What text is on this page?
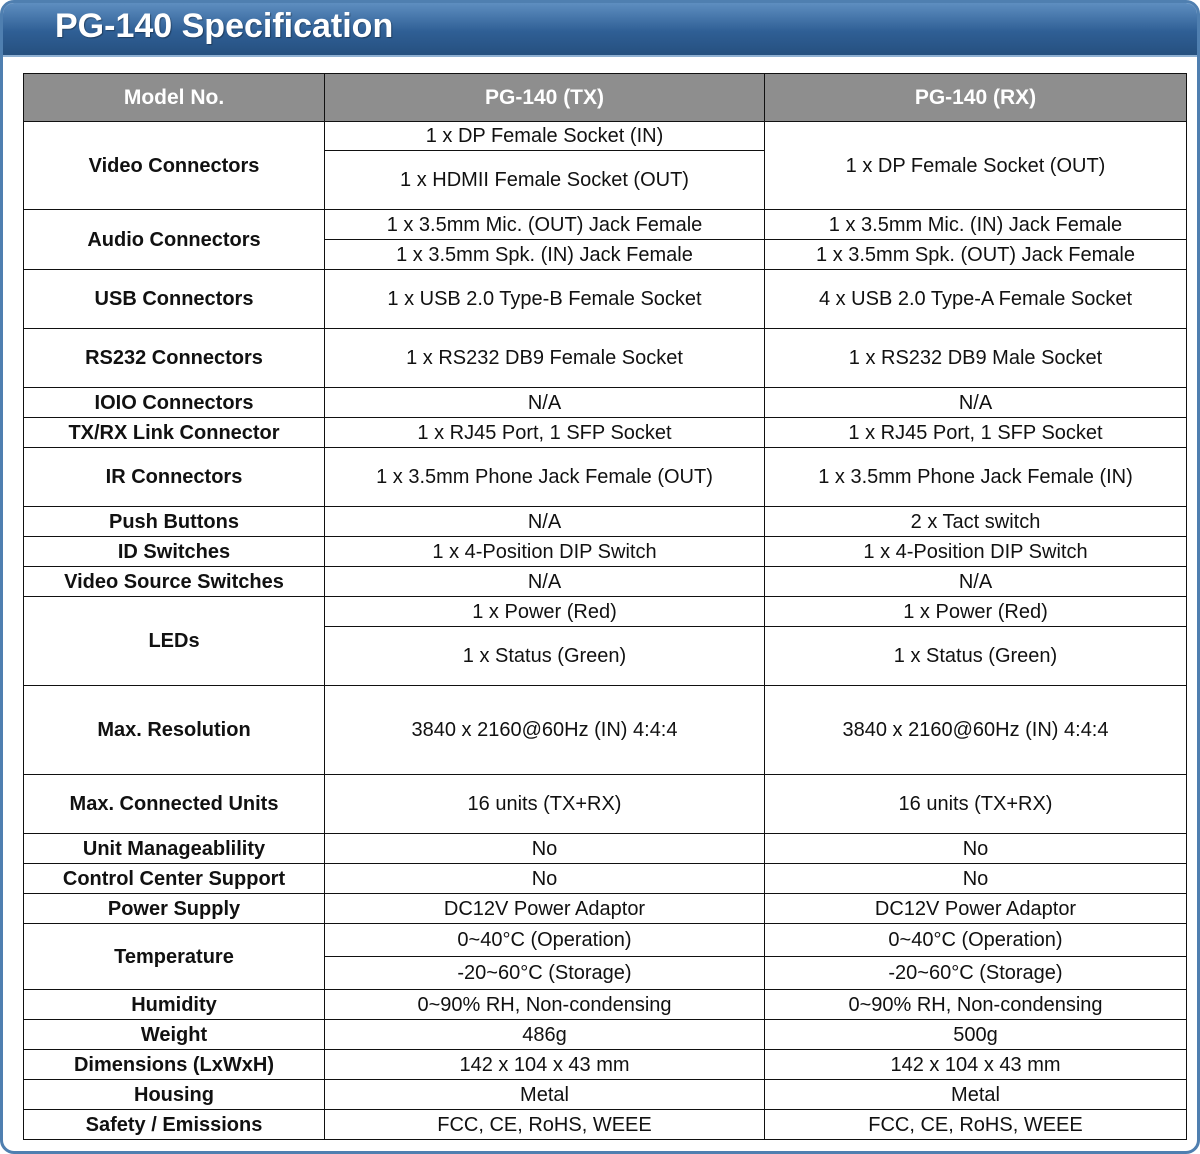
PG-140 Specification
Model No.	PG-140 (TX)	PG-140 (RX)
Video Connectors	1 x DP Female Socket (IN)	1 x DP Female Socket (OUT)
	1 x HDMII Female Socket (OUT)	
Audio Connectors	1 x 3.5mm Mic. (OUT) Jack Female	1 x 3.5mm Mic. (IN) Jack Female
	1 x 3.5mm Spk. (IN) Jack Female	1 x 3.5mm Spk. (OUT) Jack Female
USB Connectors	1 x USB 2.0 Type-B Female Socket	4 x USB 2.0 Type-A Female Socket
RS232 Connectors	1 x RS232 DB9 Female Socket	1 x RS232 DB9 Male Socket
IOIO Connectors	N/A	N/A
TX/RX Link Connector	1 x RJ45 Port, 1 SFP Socket	1 x RJ45 Port, 1 SFP Socket
IR Connectors	1 x 3.5mm Phone Jack Female (OUT)	1 x 3.5mm Phone Jack Female (IN)
Push Buttons	N/A	2 x Tact switch
ID Switches	1 x 4-Position DIP Switch	1 x 4-Position DIP Switch
Video Source Switches	N/A	N/A
LEDs	1 x Power (Red)	1 x Power (Red)
	1 x Status (Green)	1 x Status (Green)
Max. Resolution	3840 x 2160@60Hz (IN) 4:4:4	3840 x 2160@60Hz (IN) 4:4:4
Max. Connected Units	16 units (TX+RX)	16 units (TX+RX)
Unit Manageablility	No	No
Control Center Support	No	No
Power Supply	DC12V Power Adaptor	DC12V Power Adaptor
Temperature	0~40°C (Operation)	0~40°C (Operation)
	-20~60°C (Storage)	-20~60°C (Storage)
Humidity	0~90% RH, Non-condensing	0~90% RH, Non-condensing
Weight	486g	500g
Dimensions (LxWxH)	142 x 104 x 43 mm	142 x 104 x 43 mm
Housing	Metal	Metal
Safety / Emissions	FCC, CE, RoHS, WEEE	FCC, CE, RoHS, WEEE
